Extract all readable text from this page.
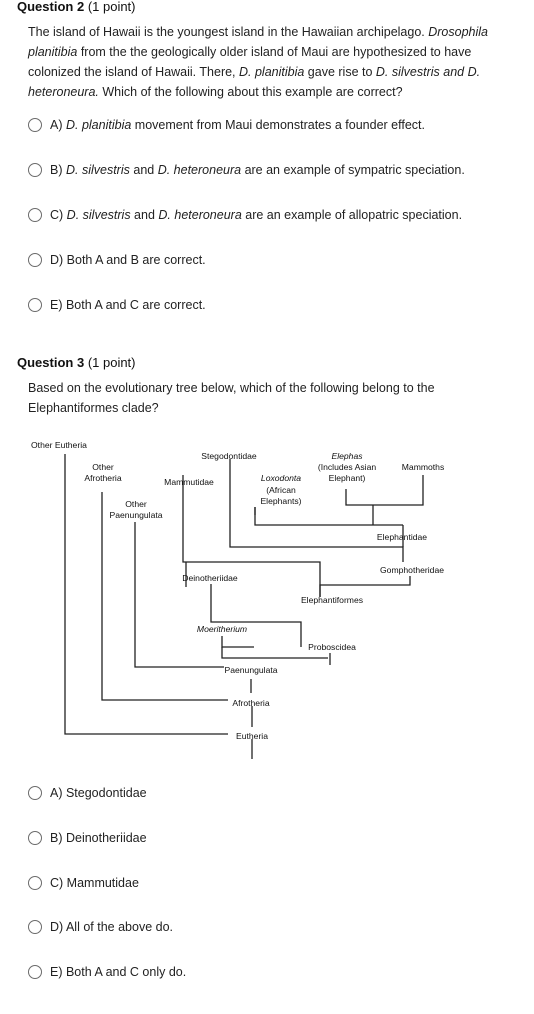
Question 2 (1 point)
The island of Hawaii is the youngest island in the Hawaiian archipelago. Drosophila
planitibia from the the geologically older island of Maui are hypothesized to have
colonized the island of Hawaii. There, D. planitibia gave rise to D. silvestris and D.
heteroneura. Which of the following about this example are correct?
A) D. planitibia movement from Maui demonstrates a founder effect.
B) D. silvestris and D. heteroneura are an example of sympatric speciation.
C) D. silvestris and D. heteroneura are an example of allopatric speciation.
D) Both A and B are correct.
E) Both A and C are correct.
Question 3 (1 point)
Based on the evolutionary tree below, which of the following belong to the
Elephantiformes clade?
Other Eutheria
Other
Afrotheria
Other
Paenungulata
Stegodontidae
Mammutidae	Loxodonta
(African
Elephants)
Elephas
(Includes Asian
Elephant)
Mammoths
Elephantidae
Gomphotheridae
Deinotheriidae
Elephantiformes
Moeritherium
Proboscidea
Paenungulata
Afrotheria
Eutheria
A) Stegodontidae
B) Deinotheriidae
C) Mammutidae
D) All of the above do.
E) Both A and C only do.
